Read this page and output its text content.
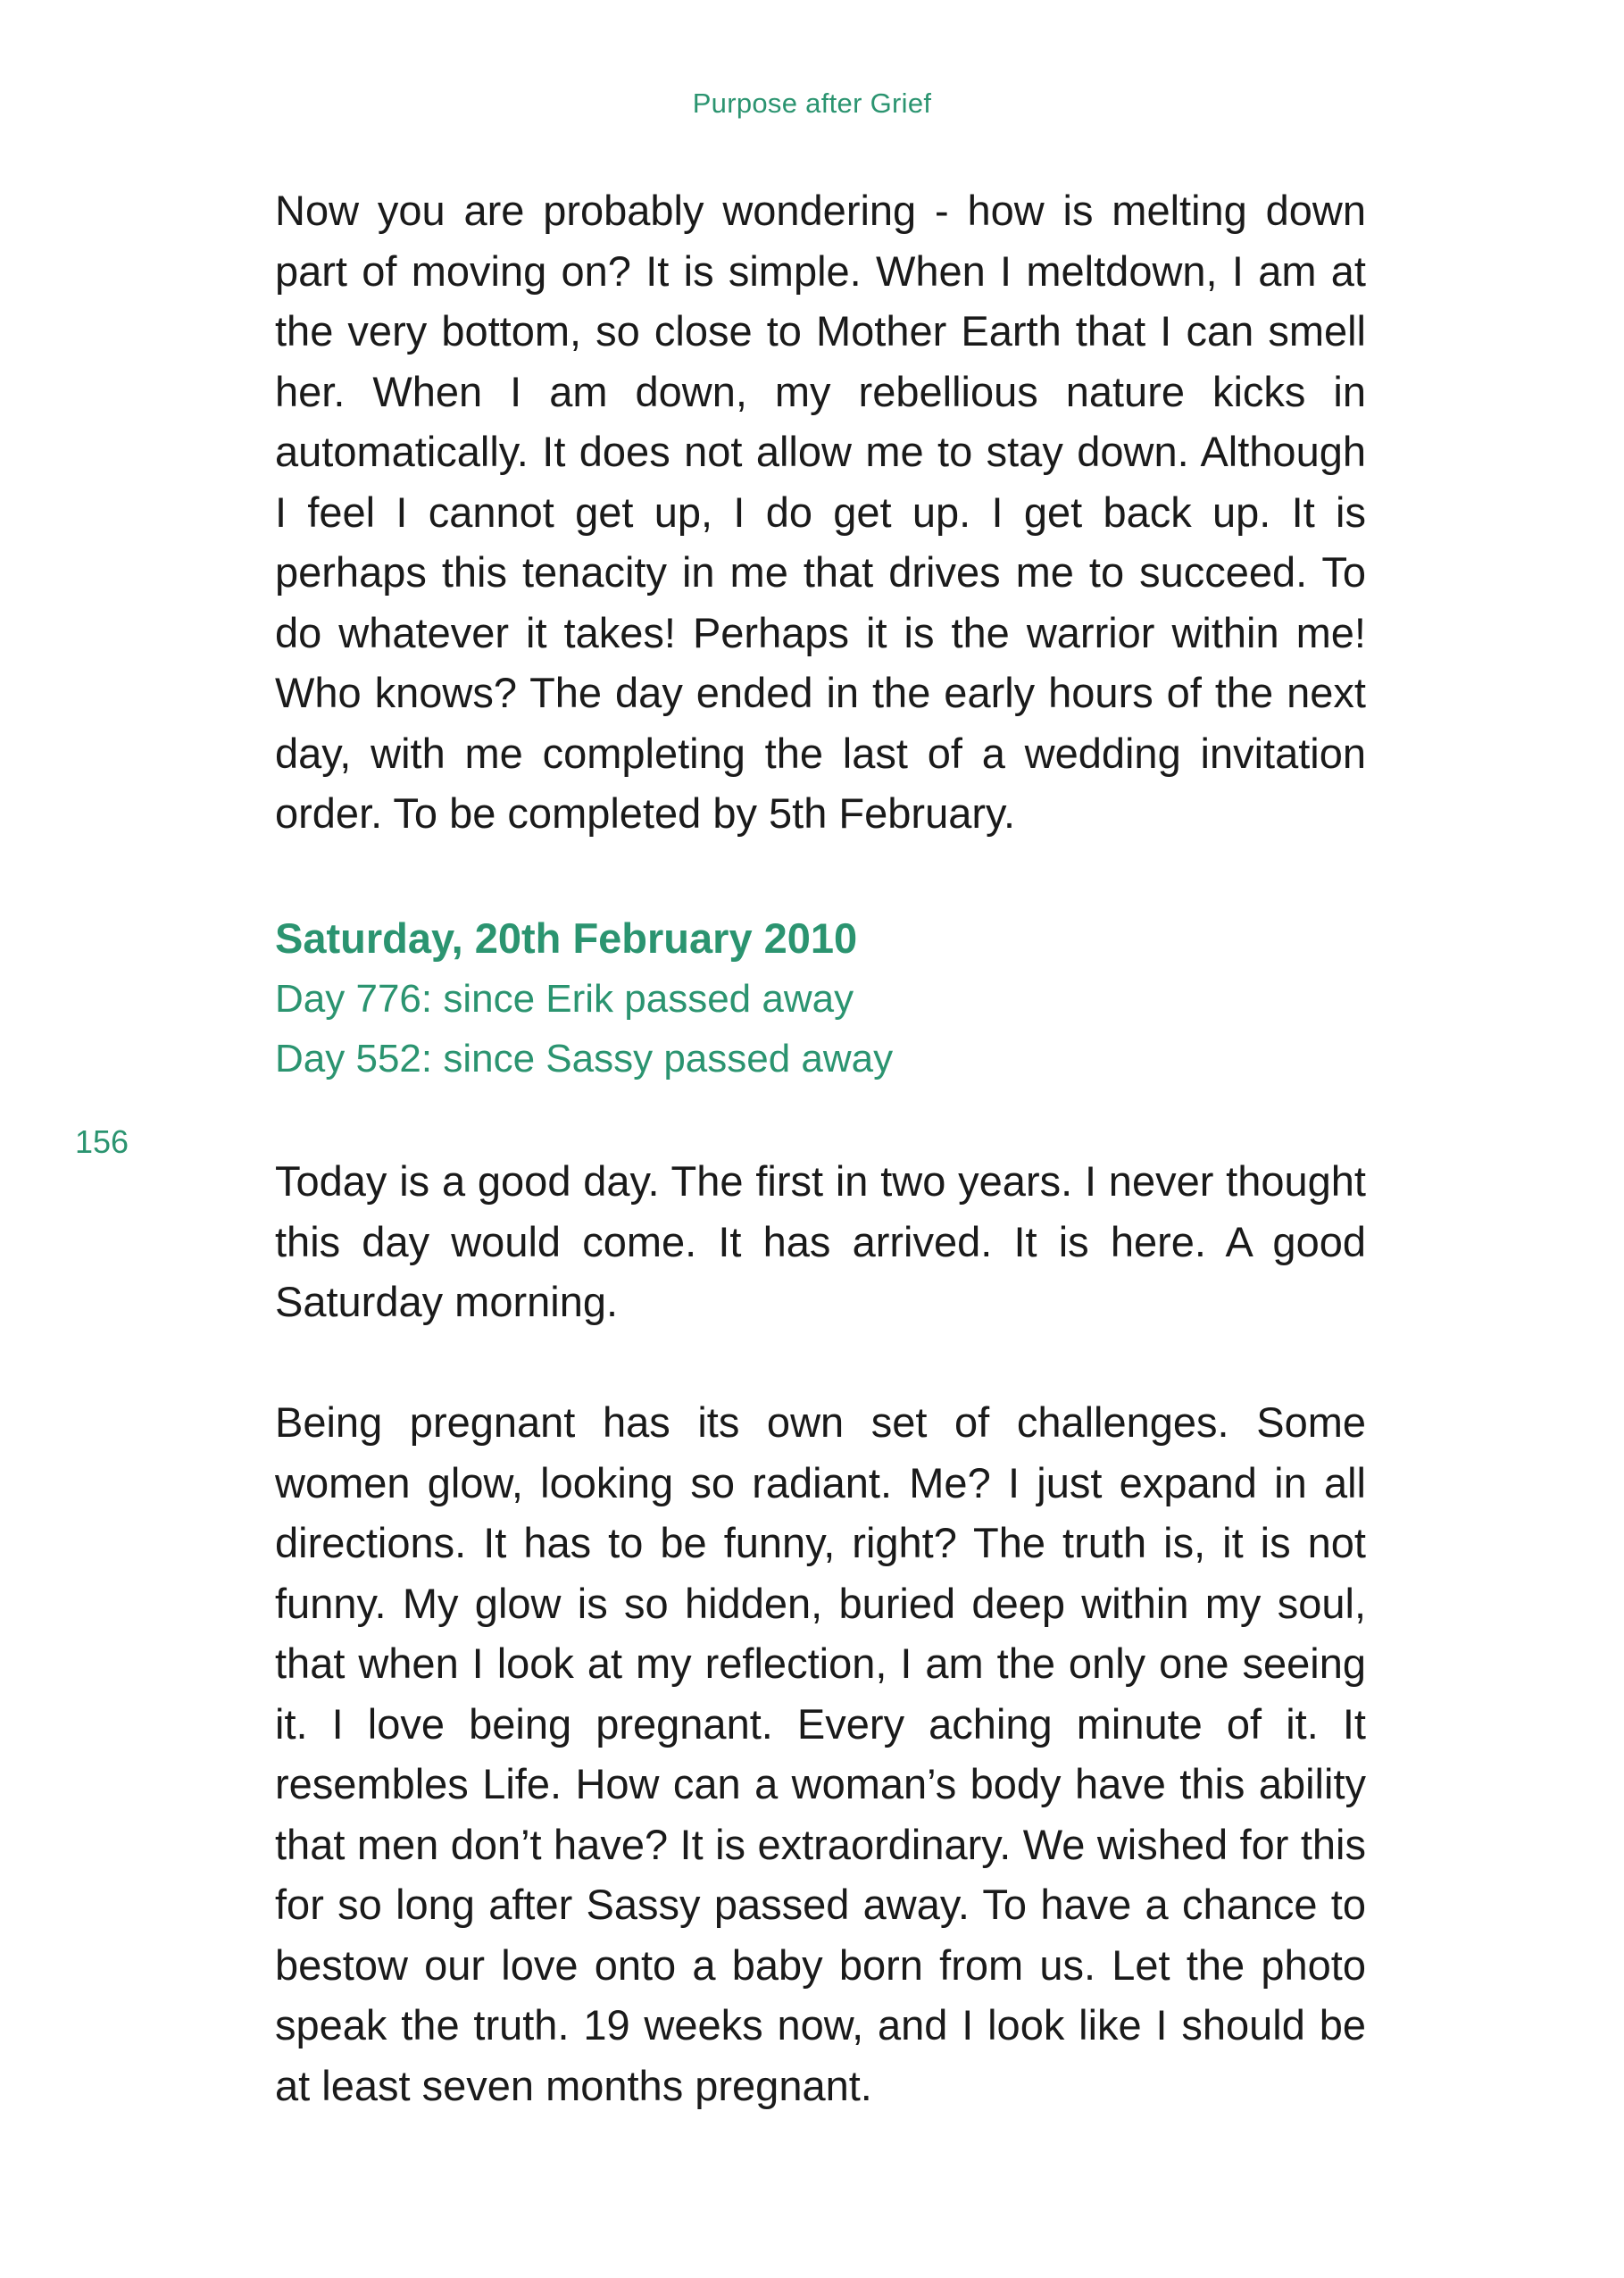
Purpose after Grief
156

Now you are probably wondering - how is melting down part of moving on? It is simple. When I meltdown, I am at the very bottom, so close to Mother Earth that I can smell her. When I am down, my rebellious nature kicks in automatically. It does not allow me to stay down. Although I feel I cannot get up, I do get up. I get back up. It is perhaps this tenacity in me that drives me to succeed. To do whatever it takes! Perhaps it is the warrior within me! Who knows? The day ended in the early hours of the next day, with me completing the last of a wedding invitation order. To be completed by 5th February.

Saturday, 20th February 2010

Day 776: since Erik passed away

Day 552: since Sassy passed away

Today is a good day. The first in two years. I never thought this day would come. It has arrived. It is here. A good Saturday morning.

Being pregnant has its own set of challenges. Some women glow, looking so radiant. Me? I just expand in all directions. It has to be funny, right? The truth is, it is not funny. My glow is so hidden, buried deep within my soul, that when I look at my reflection, I am the only one seeing it. I love being pregnant. Every aching minute of it. It resembles Life. How can a woman’s body have this ability that men don’t have? It is extraordinary. We wished for this for so long after Sassy passed away. To have a chance to bestow our love onto a baby born from us. Let the photo speak the truth. 19 weeks now, and I look like I should be at least seven months pregnant.
